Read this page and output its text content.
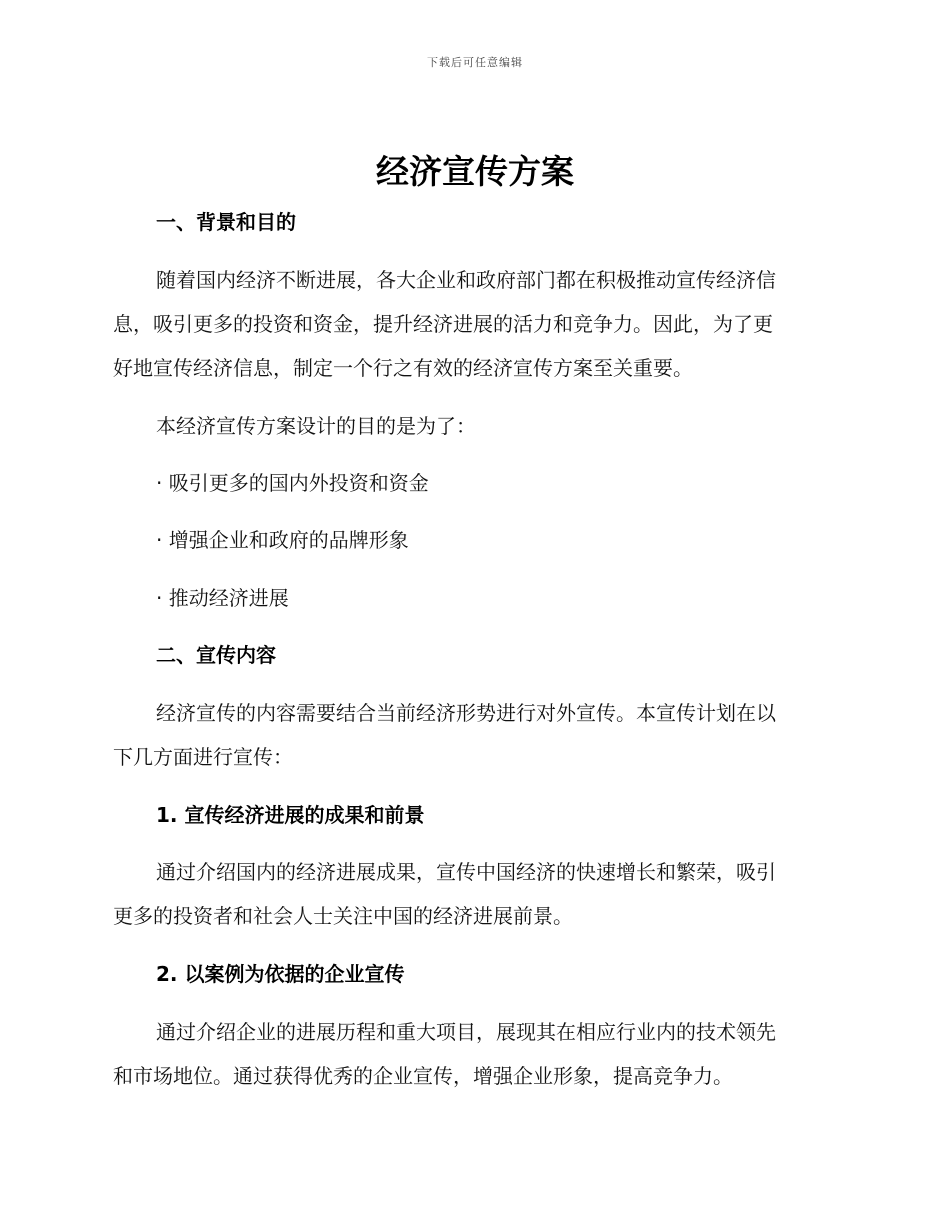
下载后可任意编辑
经济宣传方案
一、背景和目的
随着国内经济不断进展，各大企业和政府部门都在积极推动宣传经济信
息，吸引更多的投资和资金，提升经济进展的活力和竞争力。因此，为了更
好地宣传经济信息，制定一个行之有效的经济宣传方案至关重要。
本经济宣传方案设计的目的是为了：
· 吸引更多的国内外投资和资金
· 增强企业和政府的品牌形象
· 推动经济进展
二、宣传内容
经济宣传的内容需要结合当前经济形势进行对外宣传。本宣传计划在以
下几方面进行宣传：
1. 宣传经济进展的成果和前景
通过介绍国内的经济进展成果，宣传中国经济的快速增长和繁荣，吸引
更多的投资者和社会人士关注中国的经济进展前景。
2. 以案例为依据的企业宣传
通过介绍企业的进展历程和重大项目，展现其在相应行业内的技术领先
和市场地位。通过获得优秀的企业宣传，增强企业形象，提高竞争力。
